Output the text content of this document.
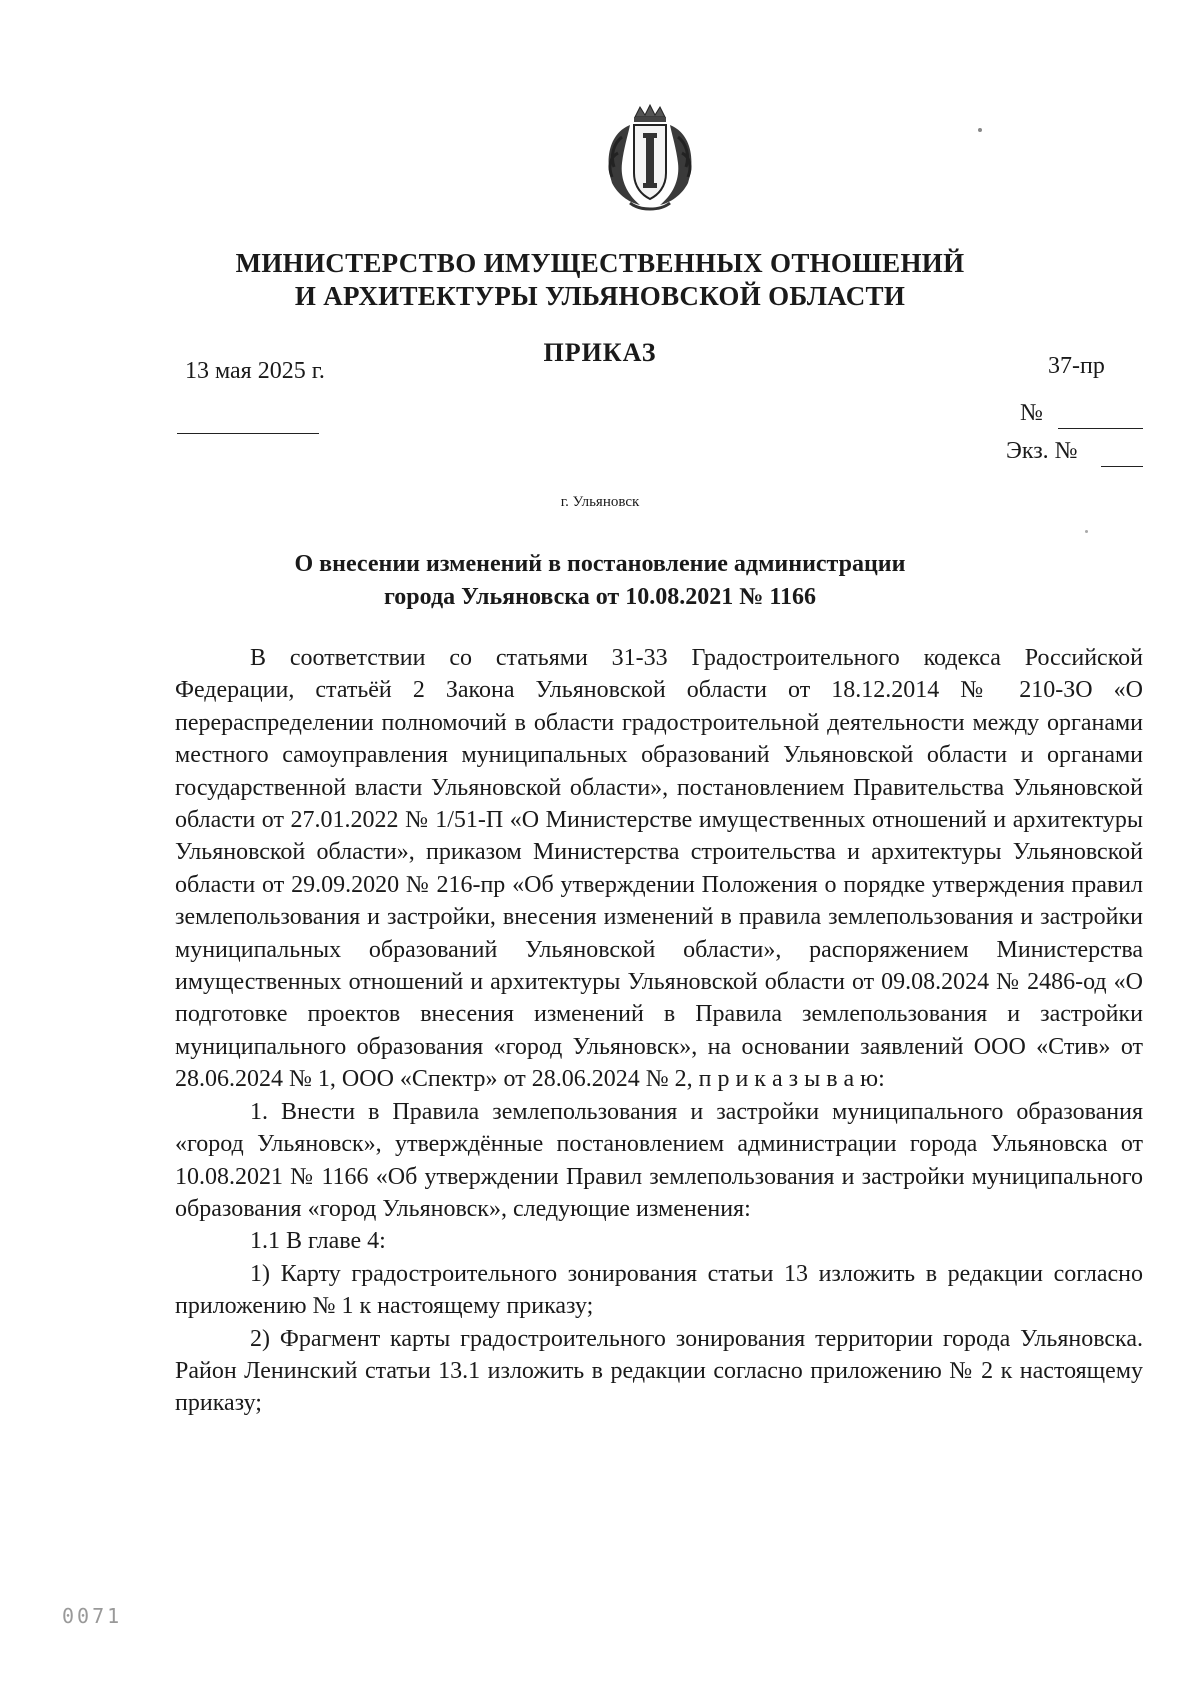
МИНИСТЕРСТВО ИМУЩЕСТВЕННЫХ ОТНОШЕНИЙ
И АРХИТЕКТУРЫ УЛЬЯНОВСКОЙ ОБЛАСТИ
ПРИКАЗ
13 мая 2025 г.	37-пр
№
Экз. №
г. Ульяновск
О внесении изменений в постановление администрации
города Ульяновска от 10.08.2021 № 1166

В соответствии со статьями 31-33 Градостроительного кодекса Российской Федерации, статьёй 2 Закона Ульяновской области от 18.12.2014 № 210-ЗО «О перераспределении полномочий в области градостроительной деятельности между органами местного самоуправления муниципальных образований Ульяновской области и органами государственной власти Ульяновской области», постановлением Правительства Ульяновской области от 27.01.2022 № 1/51-П «О Министерстве имущественных отношений и архитектуры Ульяновской области», приказом Министерства строительства и архитектуры Ульяновской области от 29.09.2020 № 216-пр «Об утверждении Положения о порядке утверждения правил землепользования и застройки, внесения изменений в правила землепользования и застройки муниципальных образований Ульяновской области», распоряжением Министерства имущественных отношений и архитектуры Ульяновской области от 09.08.2024 № 2486-од «О подготовке проектов внесения изменений в Правила землепользования и застройки муниципального образования «город Ульяновск», на основании заявлений ООО «Стив» от 28.06.2024 № 1, ООО «Спектр» от 28.06.2024 № 2, п р и к а з ы в а ю:

1. Внести в Правила землепользования и застройки муниципального образования «город Ульяновск», утверждённые постановлением администрации города Ульяновска от 10.08.2021 № 1166 «Об утверждении Правил землепользования и застройки муниципального образования «город Ульяновск», следующие изменения:

1.1 В главе 4:

1) Карту градостроительного зонирования статьи 13 изложить в редакции согласно приложению № 1 к настоящему приказу;

2) Фрагмент карты градостроительного зонирования территории города Ульяновска. Район Ленинский статьи 13.1 изложить в редакции согласно приложению № 2 к настоящему приказу;

0071
